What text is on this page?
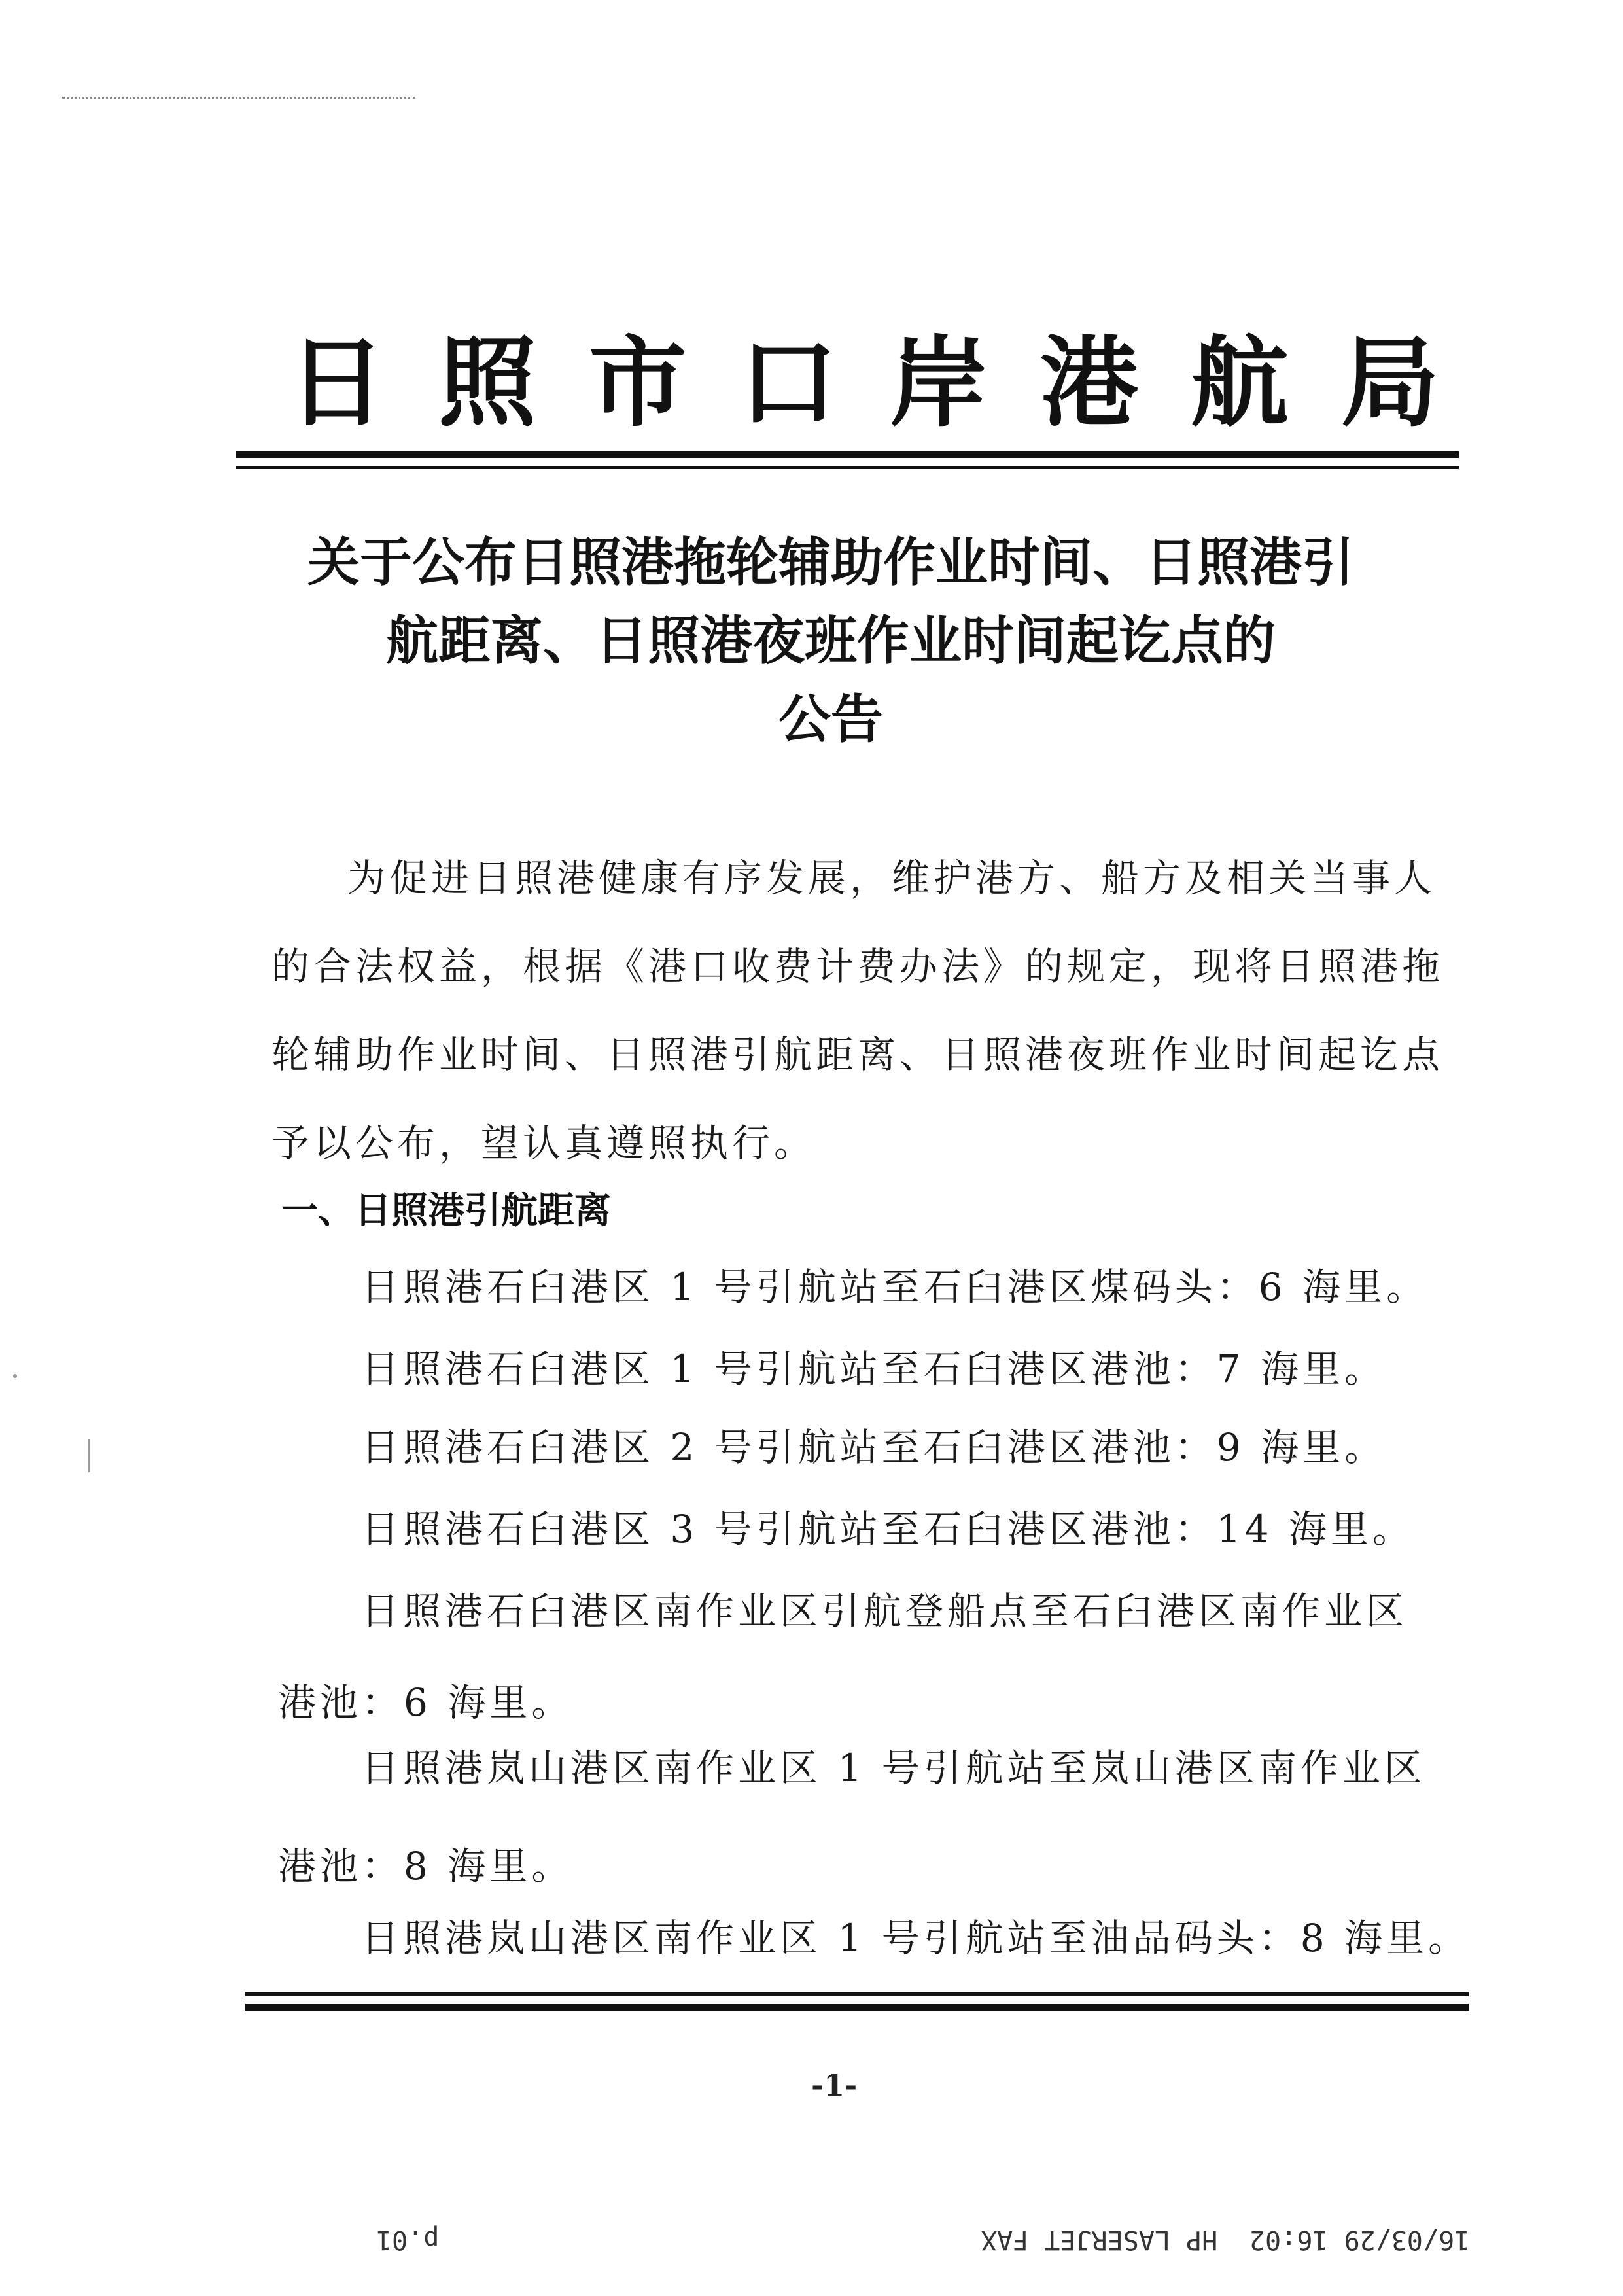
日 照 市 口 岸 港 航 局
关于公布日照港拖轮辅助作业时间、日照港引
航距离、日照港夜班作业时间起讫点的
公告
为促进日照港健康有序发展，维护港方、船方及相关当事人
的合法权益，根据《港口收费计费办法》的规定，现将日照港拖
轮辅助作业时间、日照港引航距离、日照港夜班作业时间起讫点
予以公布，望认真遵照执行。
一、日照港引航距离
日照港石臼港区 1 号引航站至石臼港区煤码头：6 海里。
日照港石臼港区 1 号引航站至石臼港区港池：7 海里。
日照港石臼港区 2 号引航站至石臼港区港池：9 海里。
日照港石臼港区 3 号引航站至石臼港区港池：14 海里。
日照港石臼港区南作业区引航登船点至石臼港区南作业区
港池：6 海里。
日照港岚山港区南作业区 1 号引航站至岚山港区南作业区
港池：8 海里。
日照港岚山港区南作业区 1 号引航站至油品码头：8 海里。
-1-
16/03/29 16:02
HP LASERJET FAX
p.01
